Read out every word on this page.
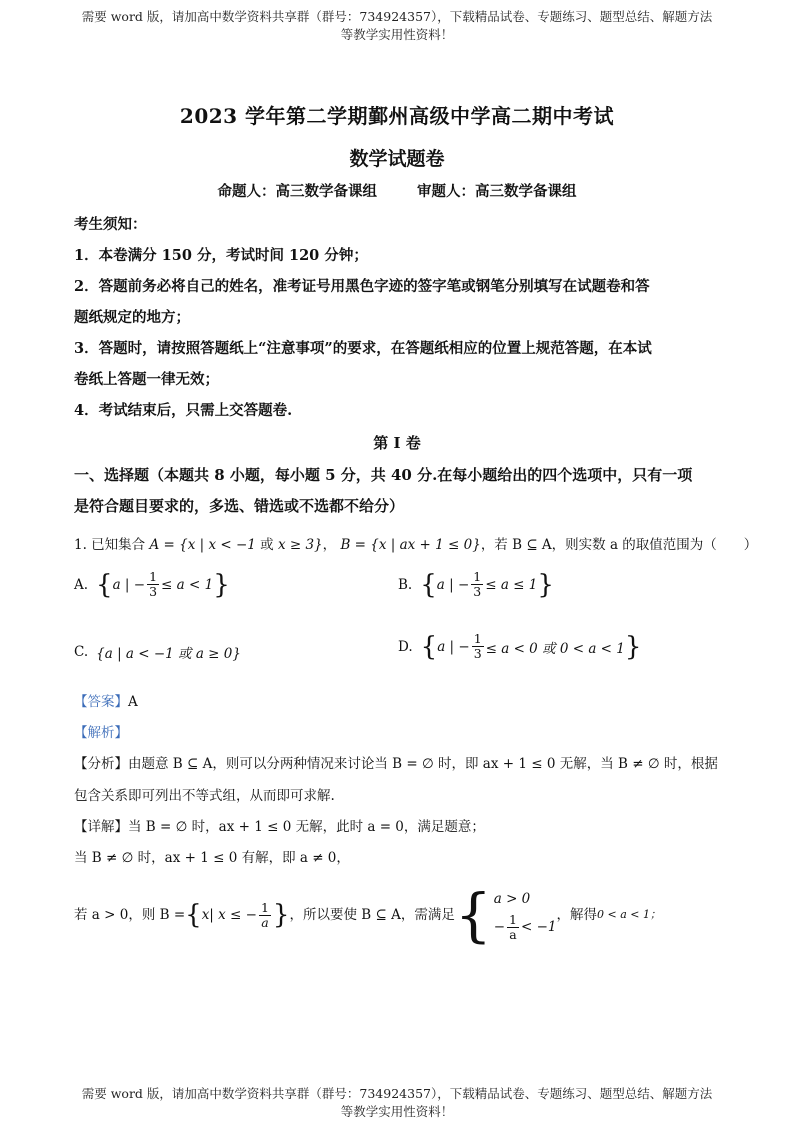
需要 word 版，请加高中数学资料共享群（群号：734924357），下载精品试卷、专题练习、题型总结、解题方法
等教学实用性资料！
2023 学年第二学期鄞州高级中学高二期中考试
数学试题卷
命题人：高三数学备课组	审题人：高三数学备课组
考生须知：
1．本卷满分 150 分，考试时间 120 分钟；
2．答题前务必将自己的姓名，准考证号用黑色字迹的签字笔或钢笔分别填写在试题卷和答
题纸规定的地方；
3．答题时，请按照答题纸上“注意事项”的要求，在答题纸相应的位置上规范答题，在本试
卷纸上答题一律无效；
4．考试结束后，只需上交答题卷.
第 I 卷
一、选择题（本题共 8 小题，每小题 5 分，共 40 分.在每小题给出的四个选项中，只有一项
是符合题目要求的，多选、错选或不选都不给分）
1. 已知集合 A = {x | x < −1 或 x ≥ 3}， B = {x | ax + 1 ≤ 0}，若 B ⊆ A，则实数 a 的取值范围为（　　）
A. { a | − $\frac{1}{3} \le a < 1$ }	B. { a | − $\frac{1}{3} \le a \le 1$ }
C. {a | a < −1 或 a ≥ 0}	D. { a | − $\frac{1}{3} \le a < 0$ 或 0 < a < 1 }
【答案】A
【解析】
【分析】由题意 B ⊆ A，则可以分两种情况来讨论当 B = ∅ 时，即 ax + 1 ≤ 0 无解，当 B ≠ ∅ 时，根据
包含关系即可列出不等式组，从而即可求解.
【详解】当 B = ∅ 时，ax + 1 ≤ 0 无解，此时 a = 0，满足题意；
当 B ≠ ∅ 时，ax + 1 ≤ 0 有解，即 a ≠ 0，
若 a > 0，则 B = { x| x ≤ − $\frac{1}{a}$ } ，所以要使 B ⊆ A，需满足 { a > 0
− $\frac{1}{a} < -1$
，解得 0 < a < 1；
需要 word 版，请加高中数学资料共享群（群号：734924357），下载精品试卷、专题练习、题型总结、解题方法
等教学实用性资料！
